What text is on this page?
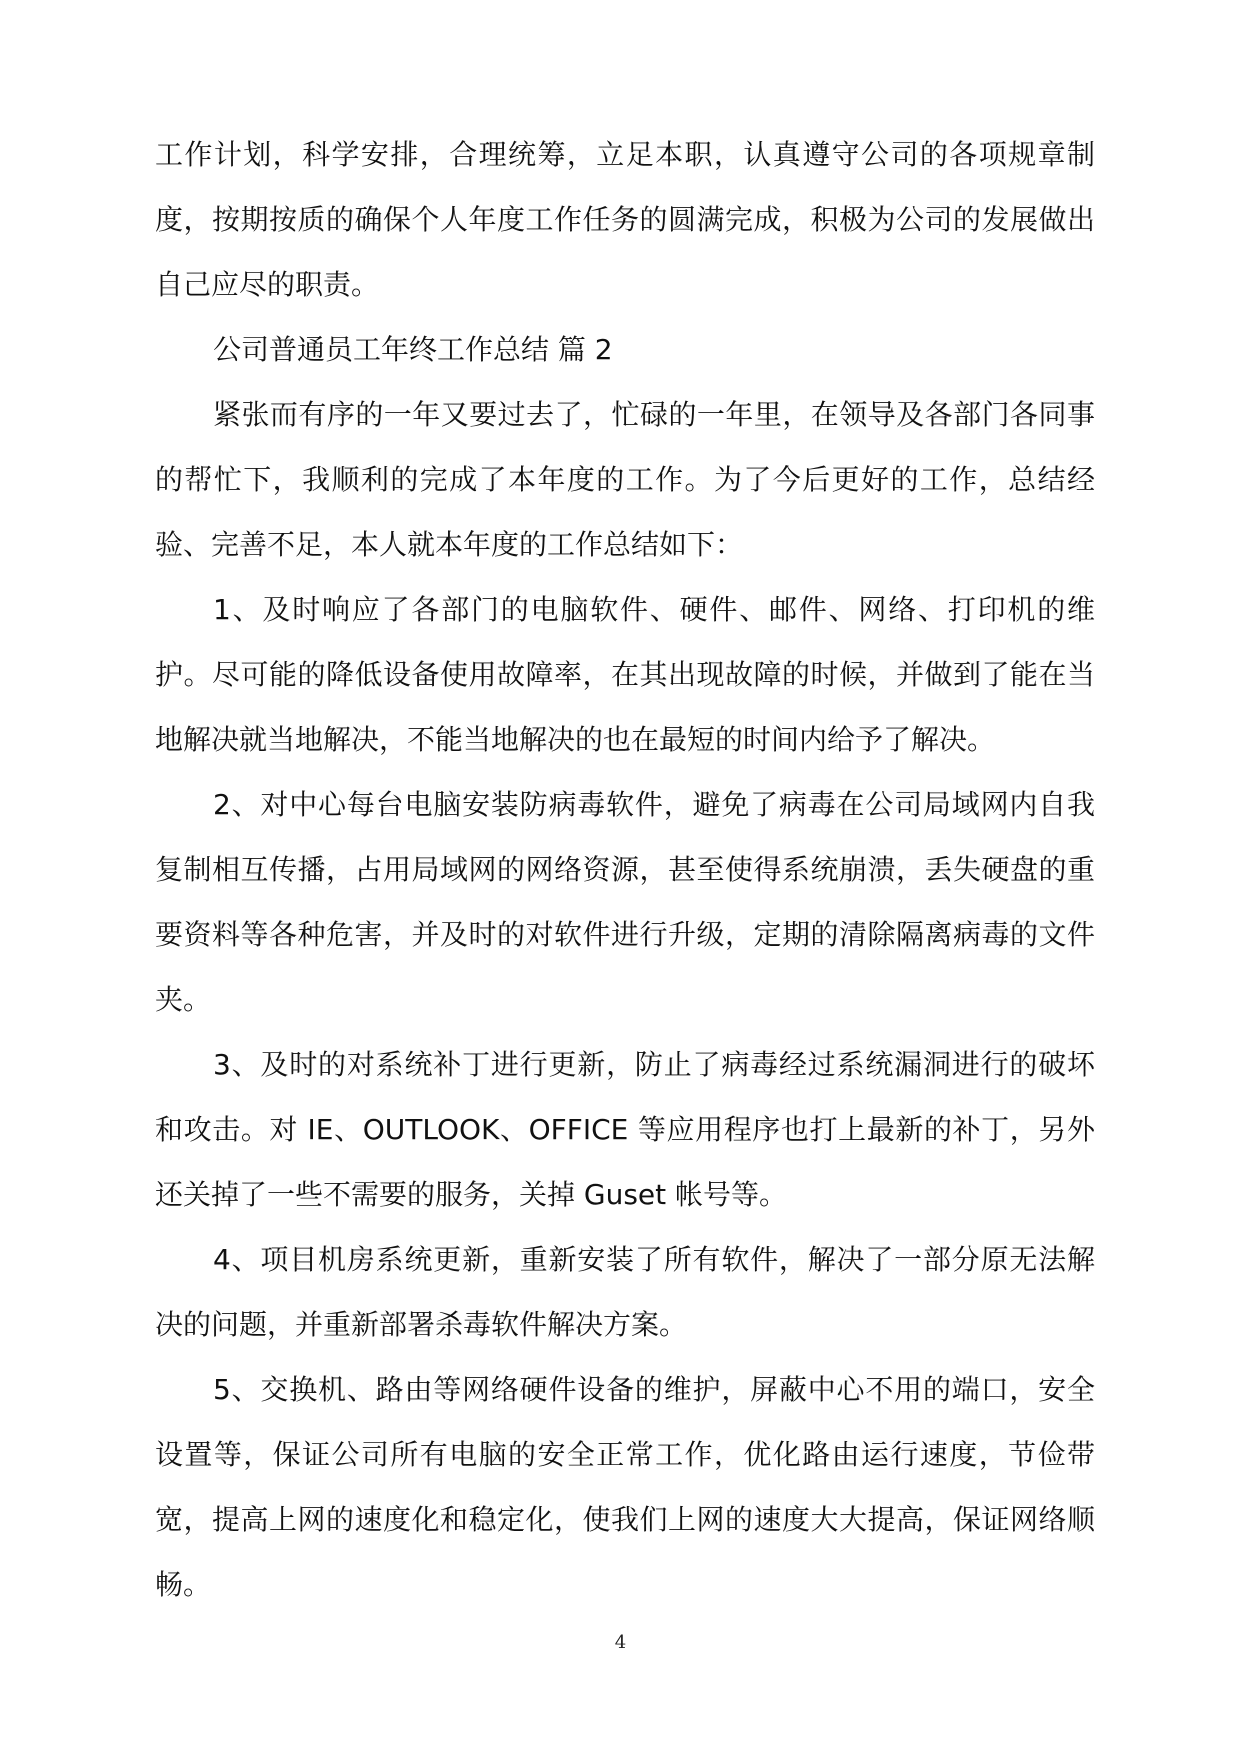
工作计划，科学安排，合理统筹，立足本职，认真遵守公司的各项规章制度，按期按质的确保个人年度工作任务的圆满完成，积极为公司的发展做出自己应尽的职责。

公司普通员工年终工作总结 篇 2

紧张而有序的一年又要过去了，忙碌的一年里，在领导及各部门各同事的帮忙下，我顺利的完成了本年度的工作。为了今后更好的工作，总结经验、完善不足，本人就本年度的工作总结如下：

1、及时响应了各部门的电脑软件、硬件、邮件、网络、打印机的维护。尽可能的降低设备使用故障率，在其出现故障的时候，并做到了能在当地解决就当地解决，不能当地解决的也在最短的时间内给予了解决。

2、对中心每台电脑安装防病毒软件，避免了病毒在公司局域网内自我复制相互传播，占用局域网的网络资源，甚至使得系统崩溃，丢失硬盘的重要资料等各种危害，并及时的对软件进行升级，定期的清除隔离病毒的文件夹。

3、及时的对系统补丁进行更新，防止了病毒经过系统漏洞进行的破坏和攻击。对 IE、OUTLOOK、OFFICE 等应用程序也打上最新的补丁，另外还关掉了一些不需要的服务，关掉 Guset 帐号等。

4、项目机房系统更新，重新安装了所有软件，解决了一部分原无法解决的问题，并重新部署杀毒软件解决方案。

5、交换机、路由等网络硬件设备的维护，屏蔽中心不用的端口，安全设置等，保证公司所有电脑的安全正常工作，优化路由运行速度，节俭带宽，提高上网的速度化和稳定化，使我们上网的速度大大提高，保证网络顺畅。

4
